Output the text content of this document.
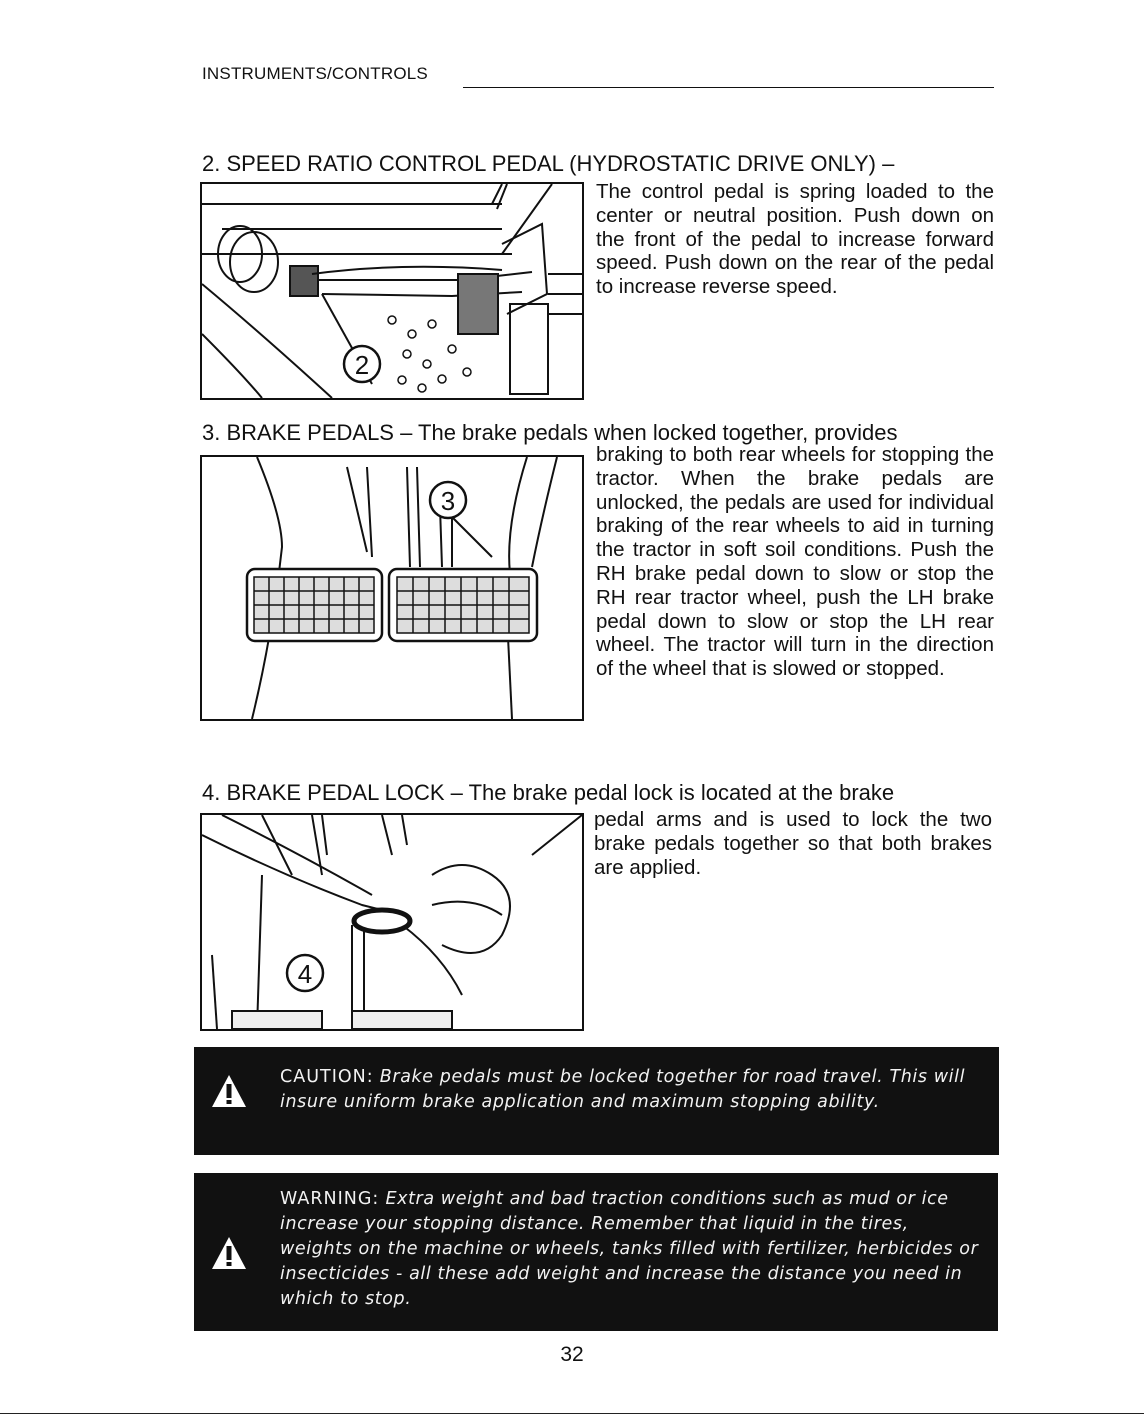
INSTRUMENTS/CONTROLS
2. SPEED RATIO CONTROL PEDAL (HYDROSTATIC DRIVE ONLY) –
2
The control pedal is spring loaded to the center or neutral position. Push down on the front of the pedal to increase forward speed. Push down on the rear of the pedal to increase reverse speed.
3. BRAKE PEDALS – The brake pedals when locked together, provides
3
braking to both rear wheels for stopping the tractor. When the brake pedals are unlocked, the pedals are used for individual braking of the rear wheels to aid in turning the tractor in soft soil conditions. Push the RH brake pedal down to slow or stop the RH rear tractor wheel, push the LH brake pedal down to slow or stop the LH rear wheel. The tractor will turn in the direction of the wheel that is slowed or stopped.
4. BRAKE PEDAL LOCK – The brake pedal lock is located at the brake
4
pedal arms and is used to lock the two brake pedals together so that both brakes are applied.
CAUTION: Brake pedals must be locked together for road travel. This will insure uniform brake application and maximum stopping ability.
WARNING: Extra weight and bad traction conditions such as mud or ice increase your stopping distance. Remember that liquid in the tires, weights on the machine or wheels, tanks filled with fertilizer, herbicides or insecticides - all these add weight and increase the distance you need in which to stop.
32
